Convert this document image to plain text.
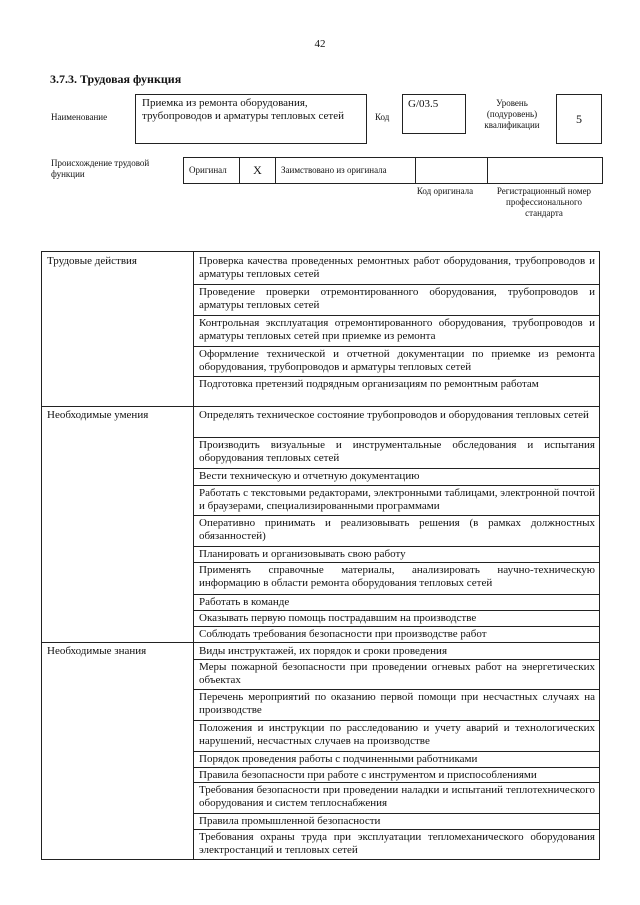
42
3.7.3. Трудовая функция
Наименование
Приемка из ремонта оборудования, трубопроводов и арматуры тепловых сетей	Код
G/03.5	Уровень (подуровень) квалификации	5
Происхождение трудовой функции	Оригинал X Заимствовано из оригинала
Код оригинала	Регистрационный номер профессионального стандарта
Трудовые действия	Проверка качества проведенных ремонтных работ оборудования, трубопроводов и арматуры тепловых сетей
Проведение проверки отремонтированного оборудования, трубопроводов и арматуры тепловых сетей
Контрольная эксплуатация отремонтированного оборудования, трубопроводов и арматуры тепловых сетей при приемке из ремонта
Оформление технической и отчетной документации по приемке из ремонта оборудования, трубопроводов и арматуры тепловых сетей
Подготовка претензий подрядным организациям по ремонтным работам
Необходимые умения	Определять техническое состояние трубопроводов и оборудования тепловых сетей
Производить визуальные и инструментальные обследования и испытания оборудования тепловых сетей
Вести техническую и отчетную документацию
Работать с текстовыми редакторами, электронными таблицами, электронной почтой и браузерами, специализированными программами
Оперативно принимать и реализовывать решения (в рамках должностных обязанностей)
Планировать и организовывать свою работу
Применять справочные материалы, анализировать научно-техническую информацию в области ремонта оборудования тепловых сетей
Работать в команде
Оказывать первую помощь пострадавшим на производстве
Соблюдать требования безопасности при производстве работ
Необходимые знания	Виды инструктажей, их порядок и сроки проведения
Меры пожарной безопасности при проведении огневых работ на энергетических объектах
Перечень мероприятий по оказанию первой помощи при несчастных случаях на производстве
Положения и инструкции по расследованию и учету аварий и технологических нарушений, несчастных случаев на производстве
Порядок проведения работы с подчиненными работниками
Правила безопасности при работе с инструментом и приспособлениями
Требования безопасности при проведении наладки и испытаний теплотехнического оборудования и систем теплоснабжения
Правила промышленной безопасности
Требования охраны труда при эксплуатации тепломеханического оборудования электростанций и тепловых сетей
